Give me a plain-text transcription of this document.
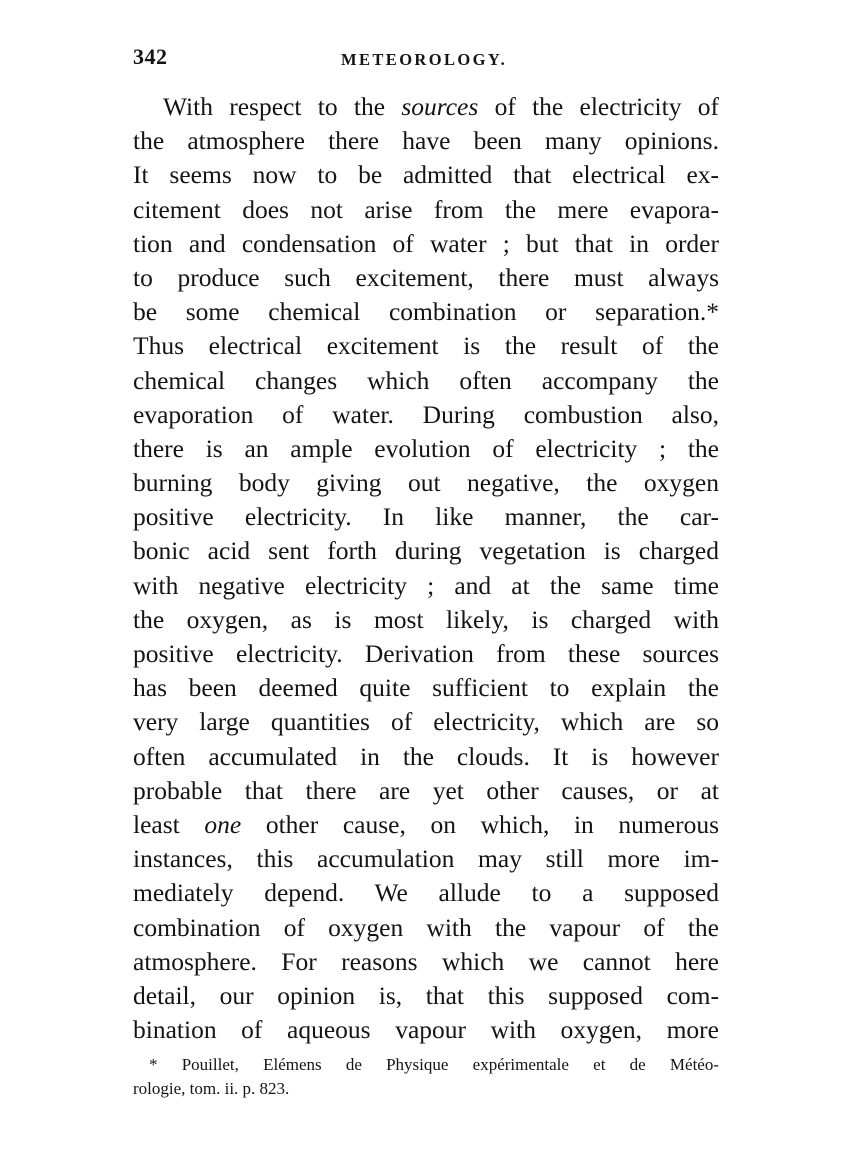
342	METEOROLOGY.
With respect to the sources of the electricity of
the atmosphere there have been many opinions.
It seems now to be admitted that electrical ex-
citement does not arise from the mere evapora-
tion and condensation of water ; but that in order
to produce such excitement, there must always
be some chemical combination or separation.*
Thus electrical excitement is the result of the
chemical changes which often accompany the
evaporation of water. During combustion also,
there is an ample evolution of electricity ; the
burning body giving out negative, the oxygen
positive electricity. In like manner, the car-
bonic acid sent forth during vegetation is charged
with negative electricity ; and at the same time
the oxygen, as is most likely, is charged with
positive electricity. Derivation from these sources
has been deemed quite sufficient to explain the
very large quantities of electricity, which are so
often accumulated in the clouds. It is however
probable that there are yet other causes, or at
least one other cause, on which, in numerous
instances, this accumulation may still more im-
mediately depend. We allude to a supposed
combination of oxygen with the vapour of the
atmosphere. For reasons which we cannot here
detail, our opinion is, that this supposed com-
bination of aqueous vapour with oxygen, more
* Pouillet, Elémens de Physique expérimentale et de Météo-
rologie, tom. ii. p. 823.
